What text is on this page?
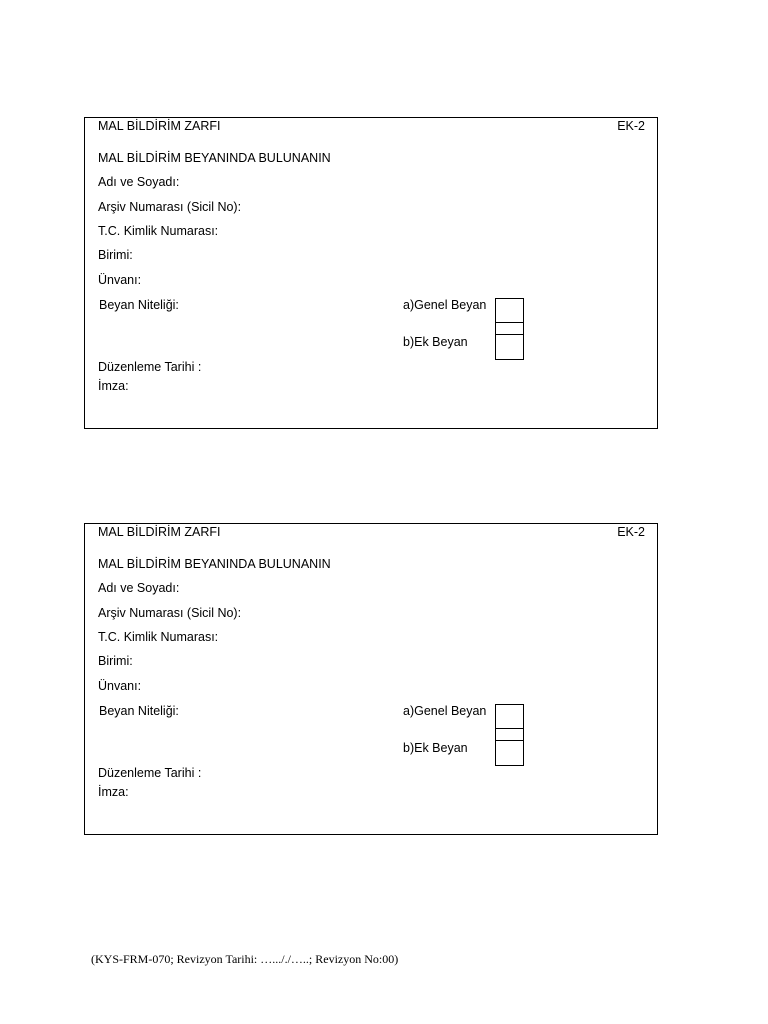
MAL BİLDİRİM ZARFI	EK-2
MAL BİLDİRİM BEYANINDA BULUNANIN
Adı ve Soyadı:
Arşiv Numarası (Sicil No):
T.C. Kimlik Numarası:
Birimi:
Ünvanı:
Beyan Niteliği:	a)Genel Beyan
b)Ek Beyan
Düzenleme Tarihi :
İmza:
MAL BİLDİRİM ZARFI	EK-2
MAL BİLDİRİM BEYANINDA BULUNANIN
Adı ve Soyadı:
Arşiv Numarası (Sicil No):
T.C. Kimlik Numarası:
Birimi:
Ünvanı:
Beyan Niteliği:	a)Genel Beyan
b)Ek Beyan
Düzenleme Tarihi :
İmza:
(KYS-FRM-070; Revizyon Tarihi: …..././…..; Revizyon No:00)
